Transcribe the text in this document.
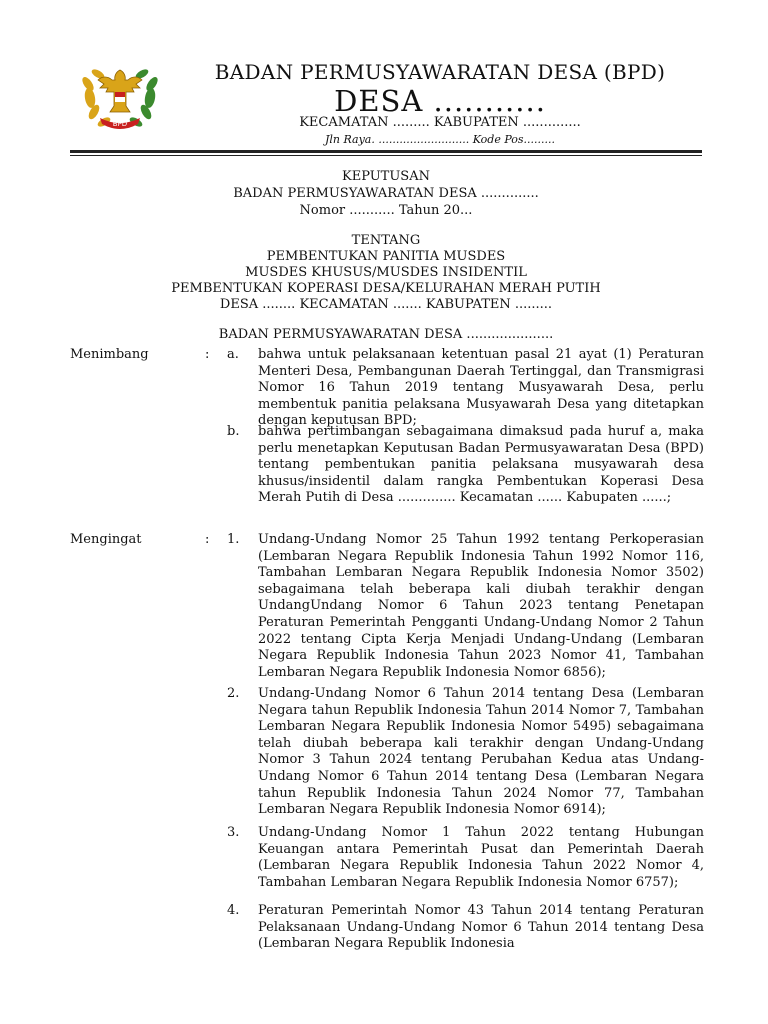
BPD
BADAN PERMUSYAWARATAN DESA (BPD)
DESA ...........
KECAMATAN ......... KABUPATEN ..............
Jln Raya. .......................... Kode Pos.........
KEPUTUSAN
BADAN PERMUSYAWARATAN DESA ..............
Nomor ........... Tahun 20...
TENTANG
PEMBENTUKAN PANITIA MUSDES
MUSDES KHUSUS/MUSDES INSIDENTIL
PEMBENTUKAN KOPERASI DESA/KELURAHAN MERAH PUTIH
DESA ........ KECAMATAN ....... KABUPATEN .........
BADAN PERMUSYAWARATAN DESA .....................
Menimbang	: a. bahwa untuk pelaksanaan ketentuan pasal 21 ayat (1) Peraturan Menteri Desa, Pembangunan Daerah Tertinggal, dan Transmigrasi Nomor 16 Tahun 2019 tentang Musyawarah Desa, perlu membentuk panitia pelaksana Musyawarah Desa yang ditetapkan dengan keputusan BPD;
b. bahwa pertimbangan sebagaimana dimaksud pada huruf a, maka perlu menetapkan Keputusan Badan Permusyawaratan Desa (BPD) tentang pembentukan panitia pelaksana musyawarah desa khusus/insidentil dalam rangka Pembentukan Koperasi Desa Merah Putih di Desa .............. Kecamatan ...... Kabupaten ......;
Mengingat	: 1. Undang-Undang Nomor 25 Tahun 1992 tentang Perkoperasian (Lembaran Negara Republik Indonesia Tahun 1992 Nomor 116, Tambahan Lembaran Negara Republik Indonesia Nomor 3502) sebagaimana telah beberapa kali diubah terakhir dengan UndangUndang Nomor 6 Tahun 2023 tentang Penetapan Peraturan Pemerintah Pengganti Undang-Undang Nomor 2 Tahun 2022 tentang Cipta Kerja Menjadi Undang-Undang (Lembaran Negara Republik Indonesia Tahun 2023 Nomor 41, Tambahan Lembaran Negara Republik Indonesia Nomor 6856);
2. Undang-Undang Nomor 6 Tahun 2014 tentang Desa (Lembaran Negara tahun Republik Indonesia Tahun 2014 Nomor 7, Tambahan Lembaran Negara Republik Indonesia Nomor 5495) sebagaimana telah diubah beberapa kali terakhir dengan Undang-Undang Nomor 3 Tahun 2024 tentang Perubahan Kedua atas Undang-Undang Nomor 6 Tahun 2014 tentang Desa (Lembaran Negara tahun Republik Indonesia Tahun 2024 Nomor 77, Tambahan Lembaran Negara Republik Indonesia Nomor 6914);
3. Undang-Undang Nomor 1 Tahun 2022 tentang Hubungan Keuangan antara Pemerintah Pusat dan Pemerintah Daerah (Lembaran Negara Republik Indonesia Tahun 2022 Nomor 4, Tambahan Lembaran Negara Republik Indonesia Nomor 6757);
4. Peraturan Pemerintah Nomor 43 Tahun 2014 tentang Peraturan Pelaksanaan Undang-Undang Nomor 6 Tahun 2014 tentang Desa (Lembaran Negara Republik Indonesia
